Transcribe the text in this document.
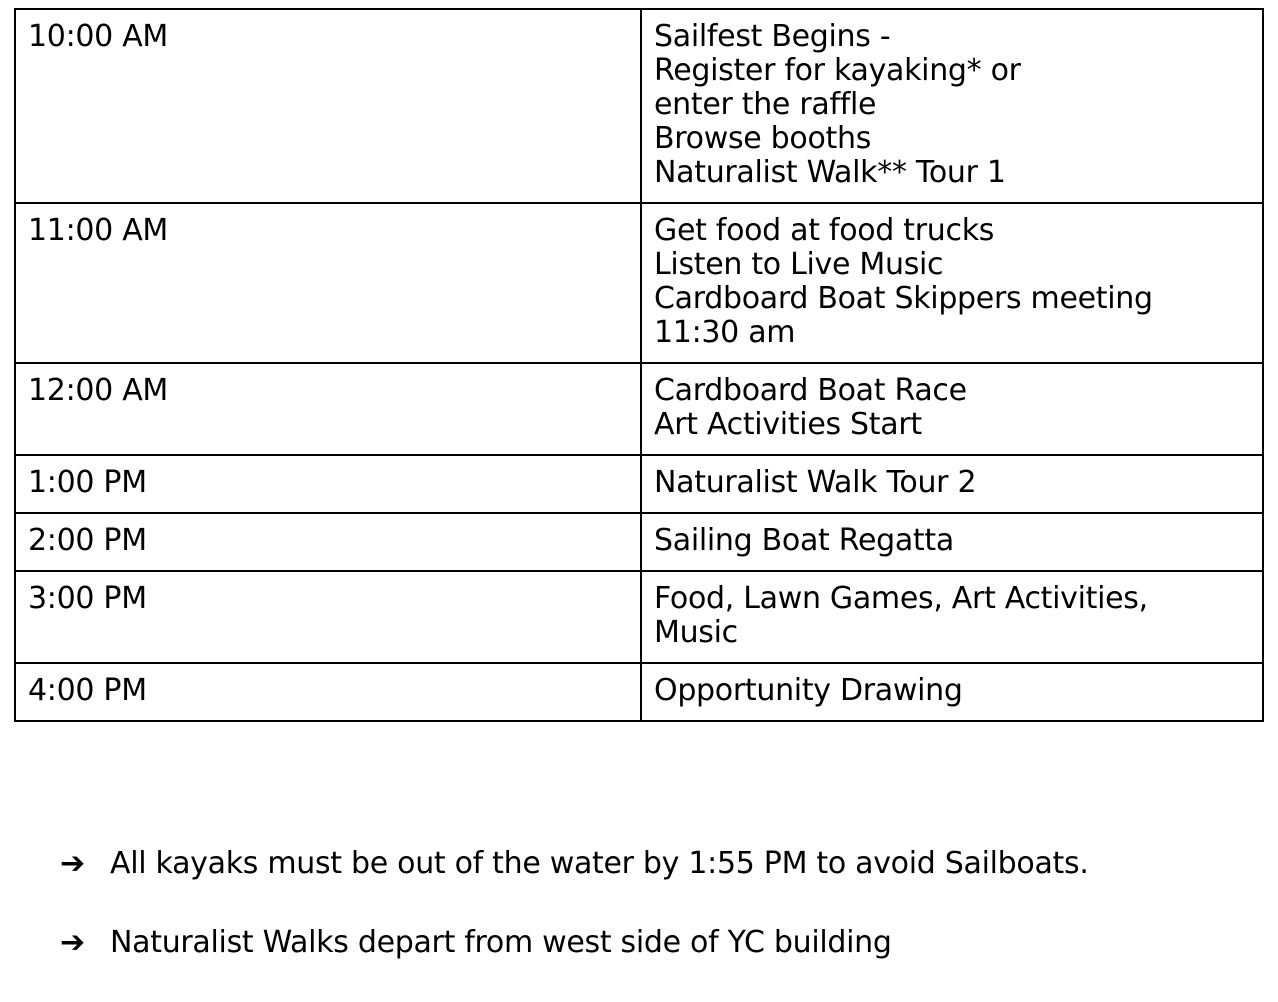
10:00 AM	Sailfest Begins -
Register for kayaking* or
enter the raffle
Browse booths
Naturalist Walk** Tour 1

11:00 AM	Get food at food trucks
Listen to Live Music
Cardboard Boat Skippers meeting
11:30 am

12:00 AM	Cardboard Boat Race
Art Activities Start

1:00 PM	Naturalist Walk Tour 2

2:00 PM	Sailing Boat Regatta

3:00 PM	Food, Lawn Games, Art Activities,
Music

4:00 PM	Opportunity Drawing
➔ All kayaks must be out of the water by 1:55 PM to avoid Sailboats.
➔ Naturalist Walks depart from west side of YC building
